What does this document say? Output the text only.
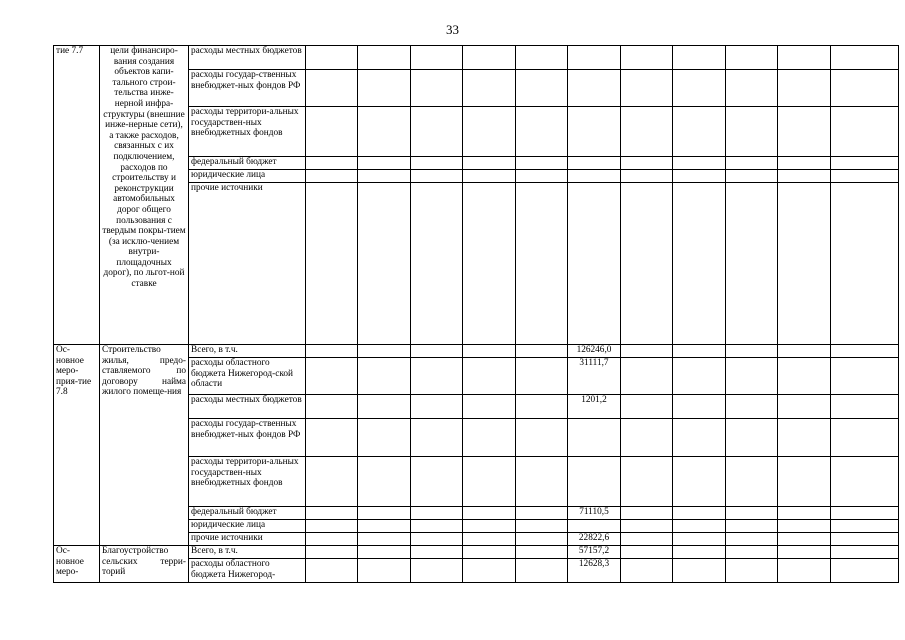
33
тие 7.7	цели финансиро-вания создания объектов капи-тального строи-тельства инже-нерной инфра-структуры (внешние инже-нерные сети), а также расходов, связанных с их подключением, расходов по строительству и реконструкции автомобильных дорог общего пользования с твердым покры-тием (за исклю-чением внутри-площадочных дорог), по льгот-ной ставке	расходы местных бюджетов											
		расходы государ-ственных внебюджет-ных фондов РФ											
		расходы территори-альных государствен-ных внебюджетных фондов											
		федеральный бюджет											
		юридические лица											
		прочие источники											
Ос-новное меро-прия-тие 7.8	Строительство жилья, предо-ставляемого по договору найма жилого помеще-ния	Всего, в т.ч.						126246,0					
		расходы областного бюджета Нижегород-ской области						31111,7					
		расходы местных бюджетов						1201,2					
		расходы государ-ственных внебюджет-ных фондов РФ											
		расходы территори-альных государствен-ных внебюджетных фондов											
		федеральный бюджет						71110,5					
		юридические лица											
		прочие источники						22822,6					
Ос-новное меро-	Благоустройство сельских терри-торий	Всего, в т.ч.						57157,2					
		расходы областного бюджета Нижегород-						12628,3					
